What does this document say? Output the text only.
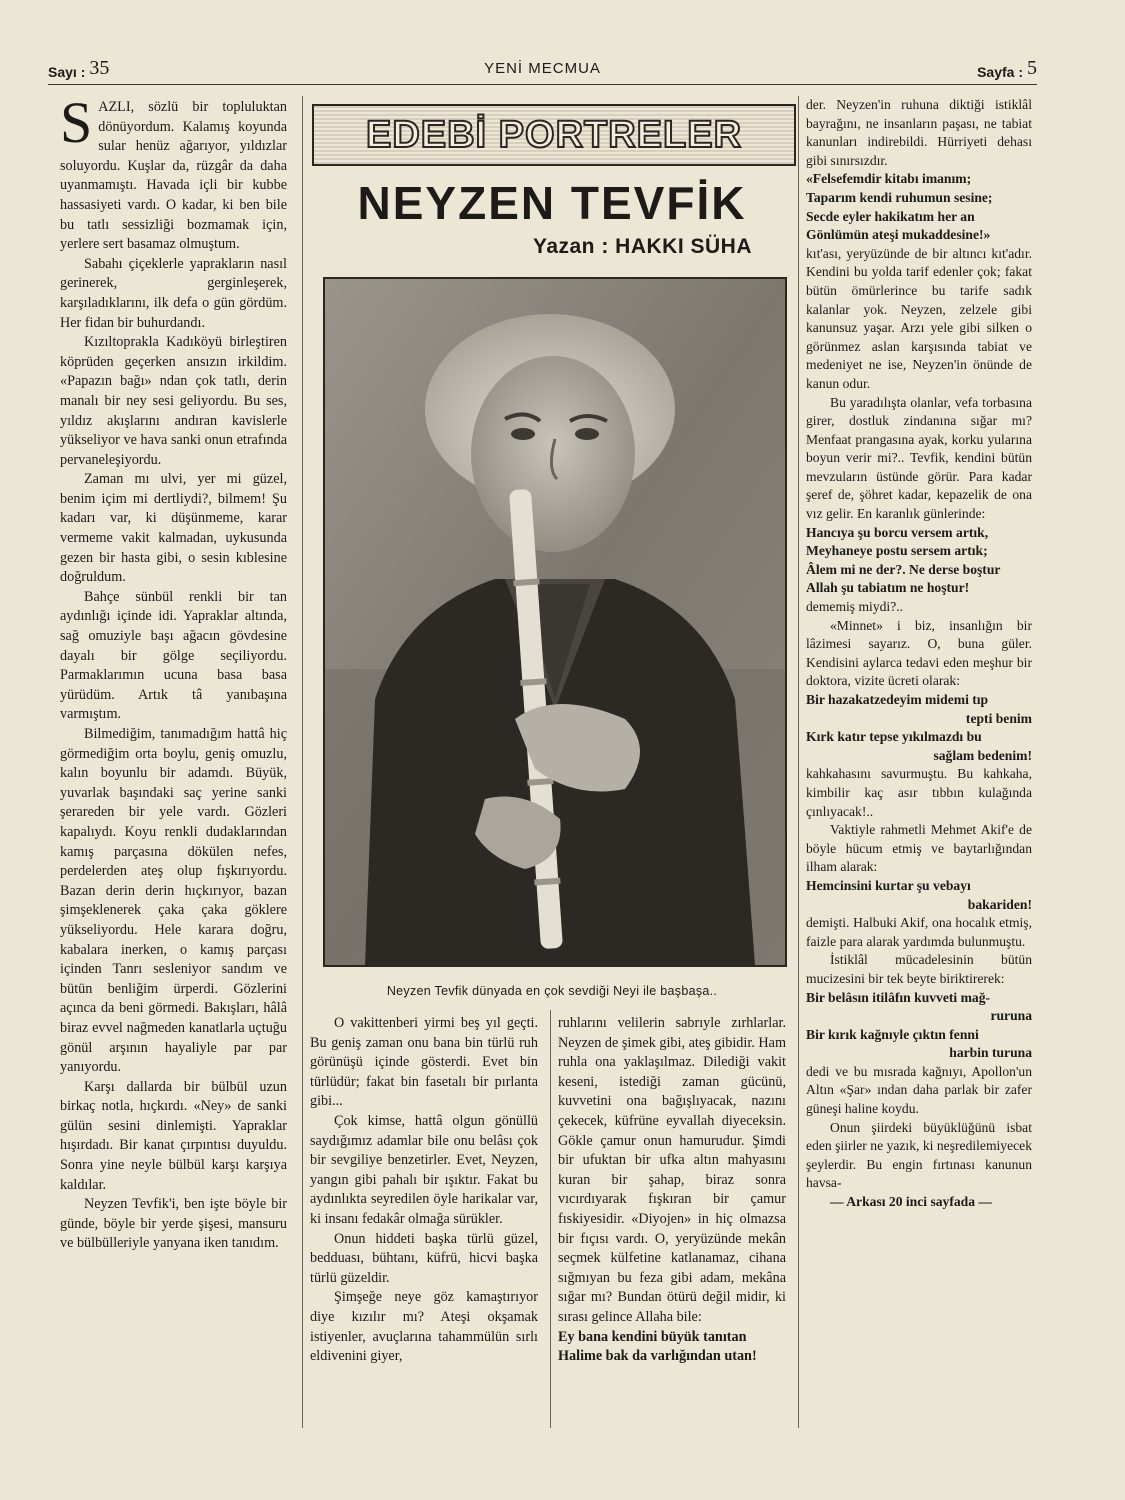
Sayı : 35	YENİ MECMUA	Sayfa : 5

SAZLI, sözlü bir topluluktan dönüyordum. Kalamış koyunda sular henüz ağarıyor, yıldızlar soluyordu. Kuşlar da, rüzgâr da daha uyanmamıştı. Havada içli bir kubbe hassasiyeti vardı. O kadar, ki ben bile bu tatlı sessizliği bozmamak için, yerlere sert basamaz olmuştum.

Sabahı çiçeklerle yaprakların nasıl gerinerek, gerginleşerek, karşıladıklarını, ilk defa o gün gördüm. Her fidan bir buhurdandı.

Kızıltoprakla Kadıköyü birleştiren köprüden geçerken ansızın irkildim. «Papazın bağı» ndan çok tatlı, derin manalı bir ney sesi geliyordu. Bu ses, yıldız akışlarını andıran kavislerle yükseliyor ve hava sanki onun etrafında pervaneleşiyordu.

Zaman mı ulvi, yer mi güzel, benim içim mi dertliydi?, bilmem! Şu kadarı var, ki düşünmeme, karar vermeme vakit kalmadan, uykusunda gezen bir hasta gibi, o sesin kıblesine doğruldum.

Bahçe sünbül renkli bir tan aydınlığı içinde idi. Yapraklar altında, sağ omuziyle başı ağacın gövdesine dayalı bir gölge seçiliyordu. Parmaklarımın ucuna basa basa yürüdüm. Artık tâ yanıbaşına varmıştım.

Bilmediğim, tanımadığım hattâ hiç görmediğim orta boylu, geniş omuzlu, kalın boyunlu bir adamdı. Büyük, yuvarlak başındaki saç yerine sanki şerareden bir yele vardı. Gözleri kapalıydı. Koyu renkli dudaklarından kamış parçasına dökülen nefes, perdelerden ateş olup fışkırıyordu. Bazan derin derin hıçkırıyor, bazan şimşeklenerek çaka çaka göklere yükseliyordu. Hele karara doğru, kabalara inerken, o kamış parçası içinden Tanrı sesleniyor sandım ve bütün benliğim ürperdi. Gözlerini açınca da beni görmedi. Bakışları, hâlâ biraz evvel nağmeden kanatlarla uçtuğu gönül arşının hayaliyle par par yanıyordu.

Karşı dallarda bir bülbül uzun birkaç notla, hıçkırdı. «Ney» de sanki gülün sesini dinlemişti. Yapraklar hışırdadı. Bir kanat çırpıntısı duyuldu. Sonra yine neyle bülbül karşı karşıya kaldılar.

Neyzen Tevfik'i, ben işte böyle bir günde, böyle bir yerde şişesi, mansuru ve bülbülleriyle yanyana iken tanıdım.

EDEBİ PORTRELER
NEYZEN TEVFİK
Yazan : HAKKI SÜHA
Neyzen Tevfik dünyada en çok sevdiği Neyi ile başbaşa..

O vakittenberi yirmi beş yıl geçti. Bu geniş zaman onu bana bin türlü ruh görünüşü içinde gösterdi. Evet bin türlüdür; fakat bin fasetalı bir pırlanta gibi...

Çok kimse, hattâ olgun gönüllü saydığımız adamlar bile onu belâsı çok bir sevgiliye benzetirler. Evet, Neyzen, yangın gibi pahalı bir ışıktır. Fakat bu aydınlıkta seyredilen öyle harikalar var, ki insanı fedakâr olmağa sürükler.

Onun hiddeti başka türlü güzel, bedduası, bühtanı, küfrü, hicvi başka türlü güzeldir.

Şimşeğe neye göz kamaştırıyor diye kızılır mı? Ateşi okşamak istiyenler, avuçlarına tahammülün sırlı eldivenini giyer,

ruhlarını velilerin sabrıyle zırhlarlar. Neyzen de şimek gibi, ateş gibidir. Ham ruhla ona yaklaşılmaz. Dilediği vakit keseni, istediği zaman gücünü, kuvvetini ona bağışlıyacak, nazını çekecek, küfrüne eyvallah diyeceksin. Gökle çamur onun hamurudur. Şimdi bir ufuktan bir ufka altın mahyasını kuran bir şahap, biraz sonra vıcırdıyarak fışkıran bir çamur fıskiyesidir. «Diyojen» in hiç olmazsa bir fıçısı vardı. O, yeryüzünde mekân seçmek külfetine katlanamaz, cihana sığmıyan bu feza gibi adam, mekâna sığar mı? Bundan ötürü değil midir, ki sırası gelince Allaha bile:

Ey bana kendini büyük tanıtan

Halime bak da varlığından utan!

der. Neyzen'in ruhuna diktiği istiklâl bayrağını, ne insanların paşası, ne tabiat kanunları indirebildi. Hürriyeti dehası gibi sınırsızdır.

«Felsefemdir kitabı imanım;

Taparım kendi ruhumun sesine;

Secde eyler hakikatım her an

Gönlümün ateşi mukaddesine!»

kıt'ası, yeryüzünde de bir altıncı kıt'adır. Kendini bu yolda tarif edenler çok; fakat bütün ömürlerince bu tarife sadık kalanlar yok. Neyzen, zelzele gibi kanunsuz yaşar. Arzı yele gibi silken o görünmez aslan karşısında tabiat ve medeniyet ne ise, Neyzen'in önünde de kanun odur.

Bu yaradılışta olanlar, vefa torbasına girer, dostluk zindanına sığar mı? Menfaat prangasına ayak, korku yularına boyun verir mi?.. Tevfik, kendini bütün mevzuların üstünde görür. Para kadar şeref de, şöhret kadar, kepazelik de ona vız gelir. En karanlık günlerinde:

Hancıya şu borcu versem artık,

Meyhaneye postu sersem artık;

Âlem mi ne der?. Ne derse boştur

Allah şu tabiatım ne hoştur!

dememiş miydi?..

«Minnet» i biz, insanlığın bir lâzimesi sayarız. O, buna güler. Kendisini aylarca tedavi eden meşhur bir doktora, vizite ücreti olarak:

Bir hazakatzedeyim midemi tıp

tepti benim

Kırk katır tepse yıkılmazdı bu

sağlam bedenim!

kahkahasını savurmuştu. Bu kahkaha, kimbilir kaç asır tıbbın kulağında çınlıyacak!..

Vaktiyle rahmetli Mehmet Akif'e de böyle hücum etmiş ve baytarlığından ilham alarak:

Hemcinsini kurtar şu vebayı

bakariden!

demişti. Halbuki Akif, ona hocalık etmiş, faizle para alarak yardımda bulunmuştu.

İstiklâl mücadelesinin bütün mucizesini bir tek beyte biriktirerek:

Bir belâsın itilâfın kuvveti mağ-

ruruna

Bir kırık kağnıyle çıktın fenni

harbin turuna

dedi ve bu mısrada kağnıyı, Apollon'un Altın «Şar» ından daha parlak bir zafer güneşi haline koydu.

Onun şiirdeki büyüklüğünü isbat eden şiirler ne yazık, ki neşredilemiyecek şeylerdir. Bu engin fırtınası kanunun havsa-

— Arkası 20 inci sayfada —
